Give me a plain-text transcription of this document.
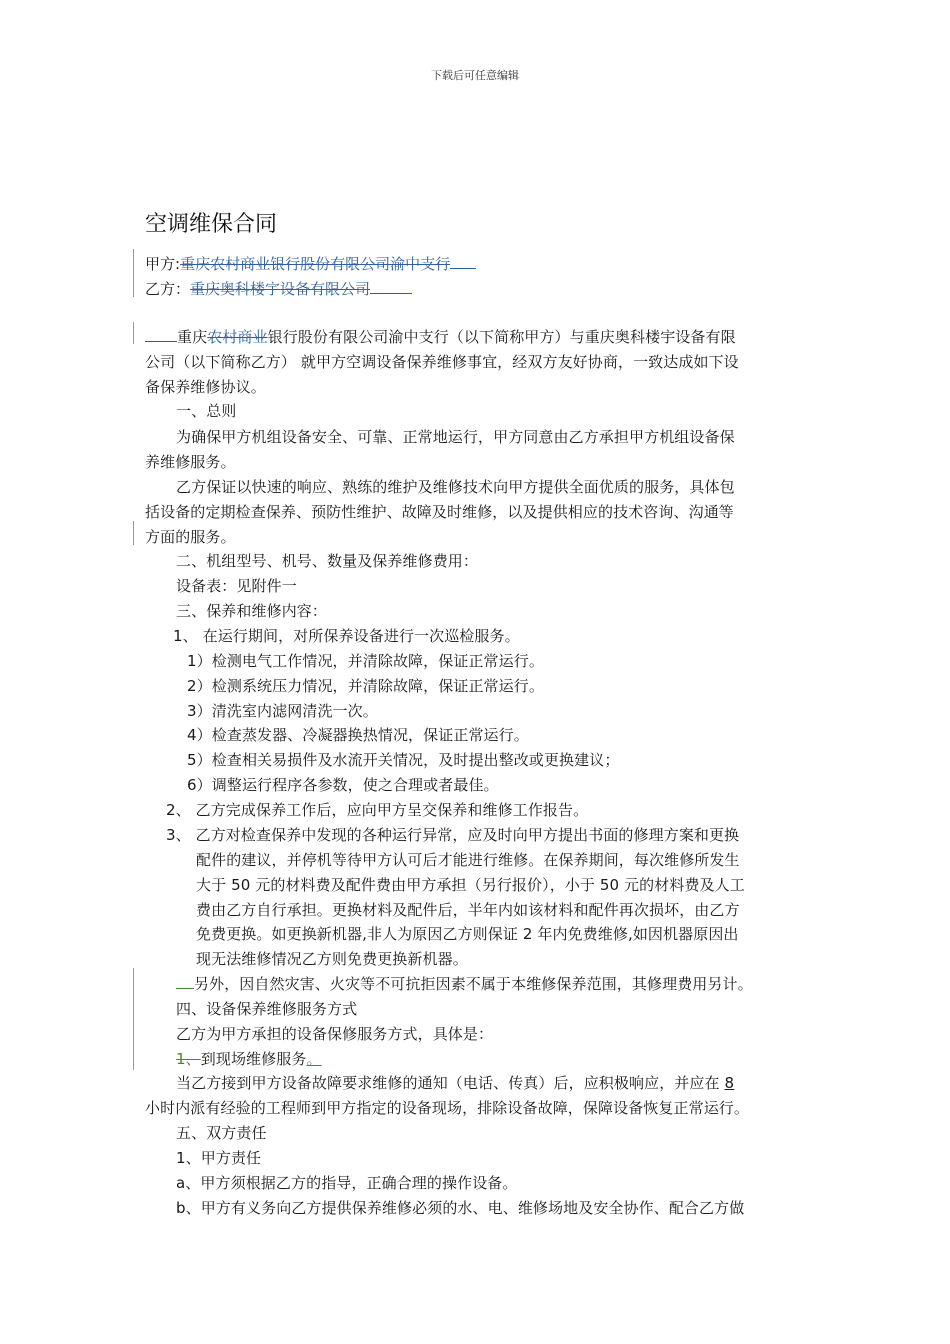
下载后可任意编辑
空调维保合同
甲方:重庆农村商业银行股份有限公司渝中支行
乙方：重庆奥科楼宇设备有限公司
重庆农村商业银行股份有限公司渝中支行（以下简称甲方）与重庆奥科楼宇设备有限
公司（以下简称乙方） 就甲方空调设备保养维修事宜，经双方友好协商，一致达成如下设
备保养维修协议。
一、总则
为确保甲方机组设备安全、可靠、正常地运行，甲方同意由乙方承担甲方机组设备保
养维修服务。
乙方保证以快速的响应、熟练的维护及维修技术向甲方提供全面优质的服务，具体包
括设备的定期检查保养、预防性维护、故障及时维修，以及提供相应的技术咨询、沟通等
方面的服务。
二、机组型号、机号、数量及保养维修费用：
设备表：见附件一
三、保养和维修内容：
1、 在运行期间，对所保养设备进行一次巡检服务。
1）检测电气工作情况，并清除故障，保证正常运行。
2）检测系统压力情况，并清除故障，保证正常运行。
3）清洗室内滤网清洗一次。
4）检查蒸发器、冷凝器换热情况，保证正常运行。
5）检查相关易损件及水流开关情况，及时提出整改或更换建议；
6）调整运行程序各参数，使之合理或者最佳。
2、 乙方完成保养工作后，应向甲方呈交保养和维修工作报告。
3、 乙方对检查保养中发现的各种运行异常，应及时向甲方提出书面的修理方案和更换
配件的建议，并停机等待甲方认可后才能进行维修。在保养期间，每次维修所发生
大于 50 元的材料费及配件费由甲方承担（另行报价），小于 50 元的材料费及人工
费由乙方自行承担。更换材料及配件后，半年内如该材料和配件再次损坏，由乙方
免费更换。如更换新机器,非人为原因乙方则保证 2 年内免费维修,如因机器原因出
现无法维修情况乙方则免费更换新机器。
另外，因自然灾害、火灾等不可抗拒因素不属于本维修保养范围，其修理费用另计。
四、设备保养维修服务方式
乙方为甲方承担的设备保修服务方式，具体是：
1、到现场维修服务。
当乙方接到甲方设备故障要求维修的通知（电话、传真）后，应积极响应，并应在 8
小时内派有经验的工程师到甲方指定的设备现场，排除设备故障，保障设备恢复正常运行。
五、双方责任
1、甲方责任
a、甲方须根据乙方的指导，正确合理的操作设备。
b、甲方有义务向乙方提供保养维修必须的水、电、维修场地及安全协作、配合乙方做
